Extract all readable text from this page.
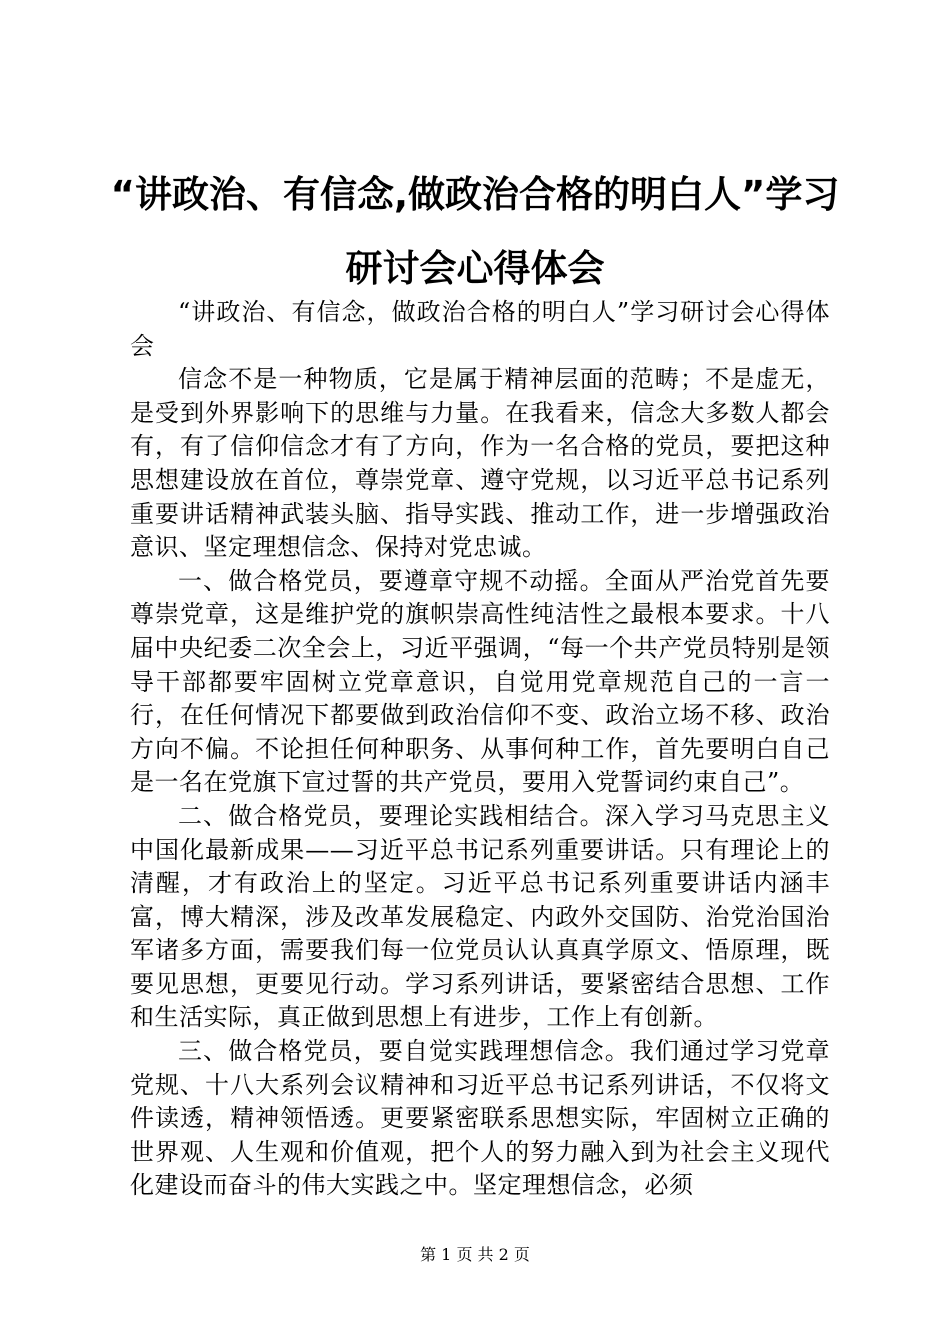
“讲政治、有信念,做政治合格的明白人”学习研讨会心得体会

“讲政治、有信念，做政治合格的明白人”学习研讨会心得体会

信念不是一种物质，它是属于精神层面的范畴；不是虚无，是受到外界影响下的思维与力量。在我看来，信念大多数人都会有，有了信仰信念才有了方向，作为一名合格的党员，要把这种思想建设放在首位，尊崇党章、遵守党规，以习近平总书记系列重要讲话精神武装头脑、指导实践、推动工作，进一步增强政治意识、坚定理想信念、保持对党忠诚。

一、做合格党员，要遵章守规不动摇。全面从严治党首先要尊崇党章，这是维护党的旗帜崇高性纯洁性之最根本要求。十八届中央纪委二次全会上，习近平强调，“每一个共产党员特别是领导干部都要牢固树立党章意识，自觉用党章规范自己的一言一行，在任何情况下都要做到政治信仰不变、政治立场不移、政治方向不偏。不论担任何种职务、从事何种工作，首先要明白自己是一名在党旗下宣过誓的共产党员，要用入党誓词约束自己”。

二、做合格党员，要理论实践相结合。深入学习马克思主义中国化最新成果——习近平总书记系列重要讲话。只有理论上的清醒，才有政治上的坚定。习近平总书记系列重要讲话内涵丰富，博大精深，涉及改革发展稳定、内政外交国防、治党治国治军诸多方面，需要我们每一位党员认认真真学原文、悟原理，既要见思想，更要见行动。学习系列讲话，要紧密结合思想、工作和生活实际，真正做到思想上有进步，工作上有创新。

三、做合格党员，要自觉实践理想信念。我们通过学习党章党规、十八大系列会议精神和习近平总书记系列讲话，不仅将文件读透，精神领悟透。更要紧密联系思想实际，牢固树立正确的世界观、人生观和价值观，把个人的努力融入到为社会主义现代化建设而奋斗的伟大实践之中。坚定理想信念，必须

第 1 页 共 2 页
